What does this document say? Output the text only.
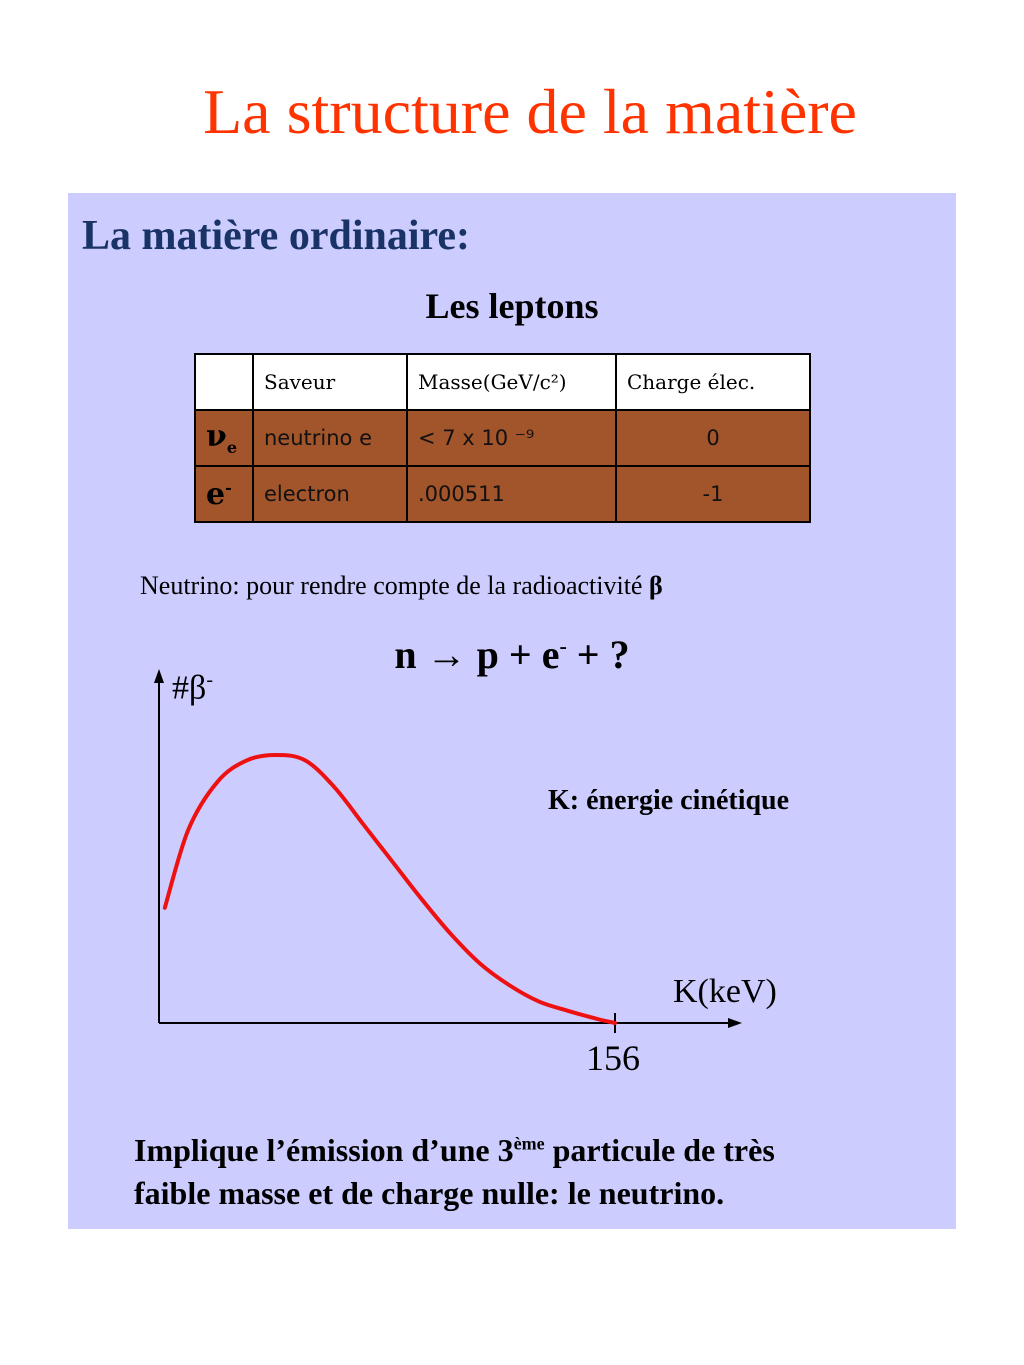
La structure de la matière
La matière ordinaire:
Les leptons
	Saveur	Masse(GeV/c²)	Charge élec.
$\nu_e$	neutrino e	< 7 x 10 ⁻⁹	0
e-	electron	.000511	-1
Neutrino: pour rendre compte de la radioactivité β
n → p + e- + ?
#β-
K(keV)
156
K: énergie cinétique
Implique l’émission d’une 3ème particule de très
faible masse et de charge nulle: le neutrino.
